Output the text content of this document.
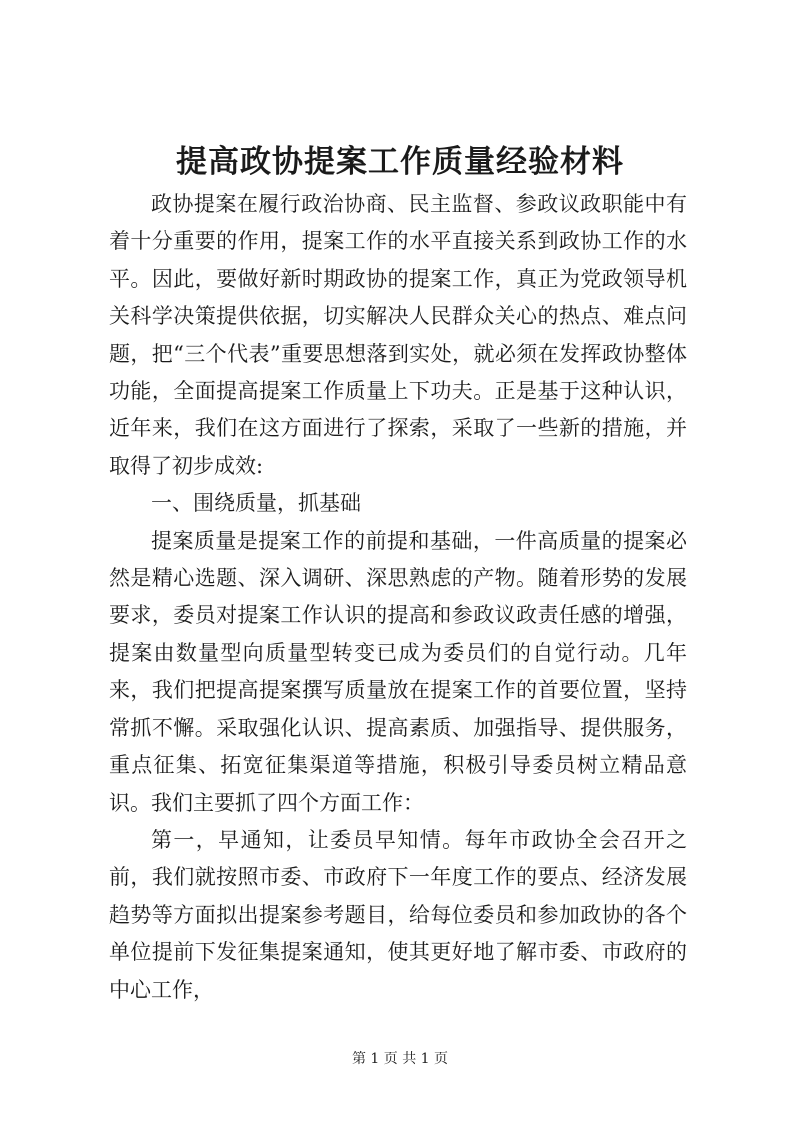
提高政协提案工作质量经验材料

政协提案在履行政治协商、民主监督、参政议政职能中有着十分重要的作用，提案工作的水平直接关系到政协工作的水平。因此，要做好新时期政协的提案工作，真正为党政领导机关科学决策提供依据，切实解决人民群众关心的热点、难点问题，把“三个代表”重要思想落到实处，就必须在发挥政协整体功能，全面提高提案工作质量上下功夫。正是基于这种认识，近年来，我们在这方面进行了探索，采取了一些新的措施，并取得了初步成效:

一、围绕质量，抓基础

提案质量是提案工作的前提和基础，一件高质量的提案必然是精心选题、深入调研、深思熟虑的产物。随着形势的发展要求，委员对提案工作认识的提高和参政议政责任感的增强，提案由数量型向质量型转变已成为委员们的自觉行动。几年来，我们把提高提案撰写质量放在提案工作的首要位置，坚持常抓不懈。采取强化认识、提高素质、加强指导、提供服务，重点征集、拓宽征集渠道等措施，积极引导委员树立精品意识。我们主要抓了四个方面工作：

第一，早通知，让委员早知情。每年市政协全会召开之前，我们就按照市委、市政府下一年度工作的要点、经济发展趋势等方面拟出提案参考题目，给每位委员和参加政协的各个单位提前下发征集提案通知，使其更好地了解市委、市政府的中心工作，

第 1 页 共 1 页
